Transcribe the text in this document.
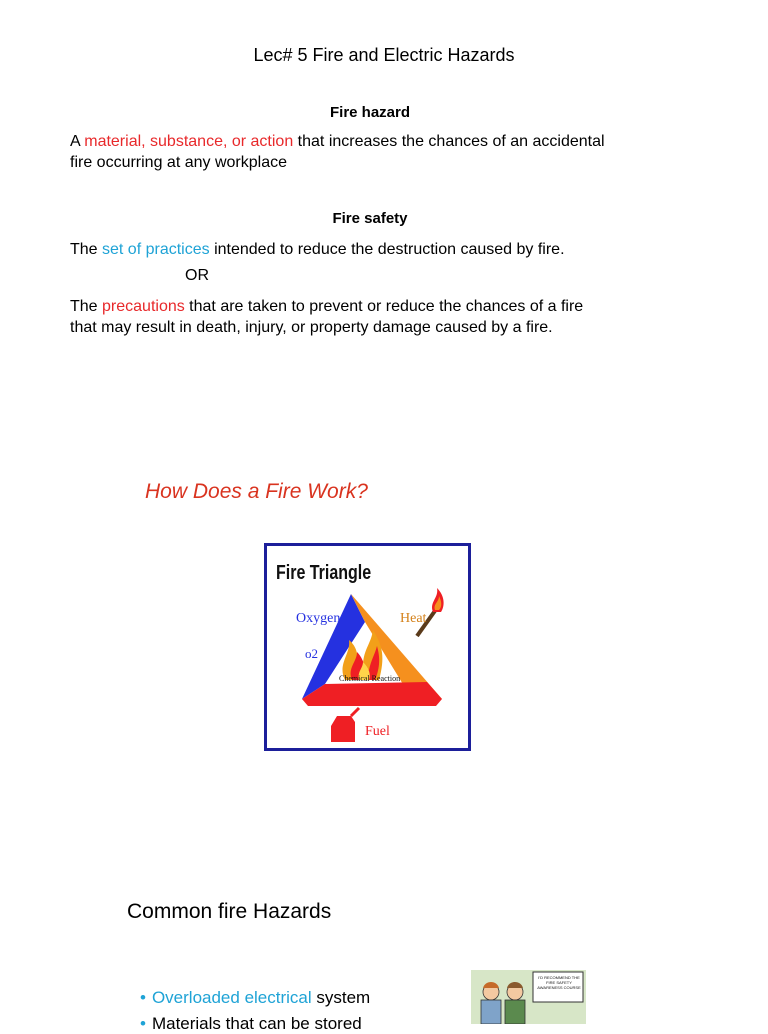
Lec# 5 Fire and Electric Hazards
Fire hazard
A material, substance, or action that increases the chances of an accidental
fire occurring at any workplace
Fire safety
The set of practices intended to reduce the destruction caused by fire.
OR
The precautions that are taken to prevent or reduce the chances of a fire
that may result in death, injury, or property damage caused by a fire.
How Does a Fire Work?
Fire Triangle
Oxygen
o2
Heat
Chemical Reaction
Fuel
Common fire Hazards
• Overloaded electrical system
• Materials that can be stored
I'D RECOMMEND THE FIRE SAFETY AWARENESS COURSE
